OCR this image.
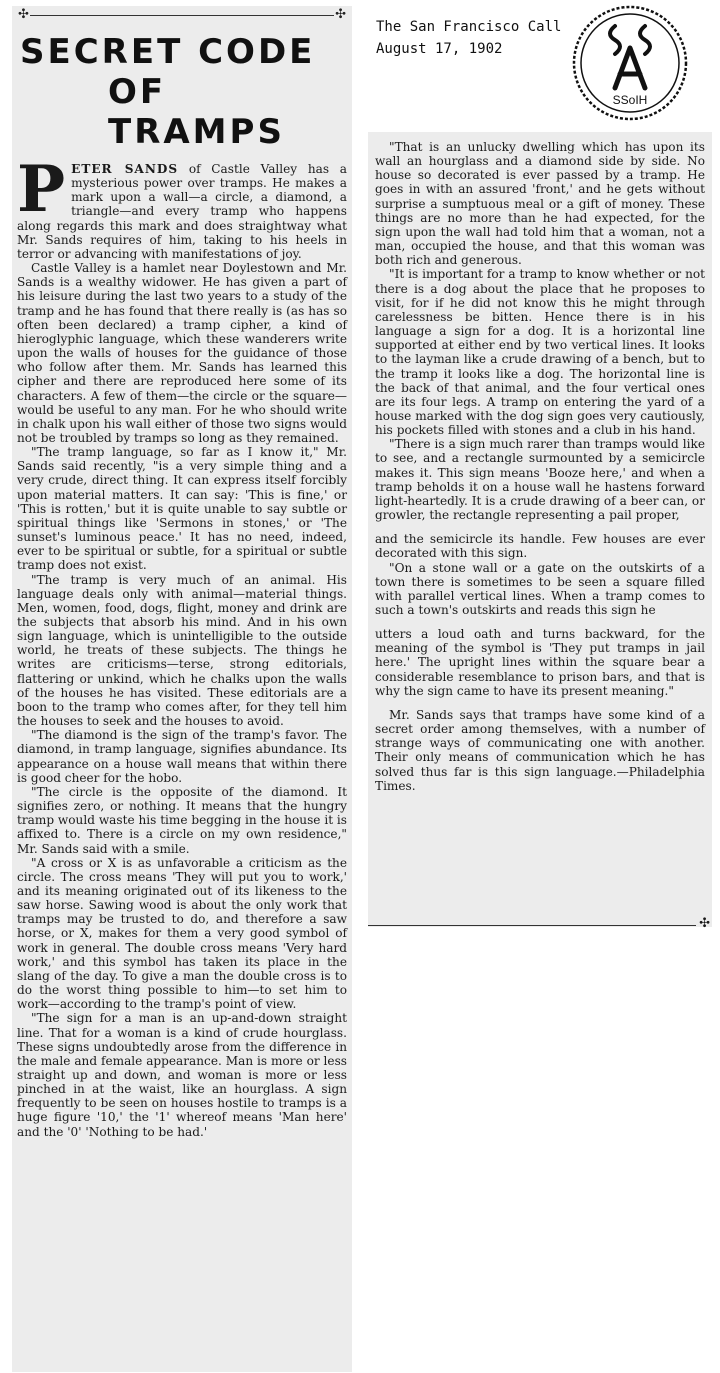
✣	✣
SECRET CODE
OF TRAMPS

PETER SANDS of Castle Valley has a mysterious power over tramps. He makes a mark upon a wall—a circle, a diamond, a triangle—and every tramp who happens along regards this mark and does straightway what Mr. Sands requires of him, taking to his heels in terror or advancing with manifestations of joy.

Castle Valley is a hamlet near Doylestown and Mr. Sands is a wealthy widower. He has given a part of his leisure during the last two years to a study of the tramp and he has found that there really is (as has so often been declared) a tramp cipher, a kind of hieroglyphic language, which these wanderers write upon the walls of houses for the guidance of those who follow after them. Mr. Sands has learned this cipher and there are reproduced here some of its characters. A few of them—the circle or the square—would be useful to any man. For he who should write in chalk upon his wall either of those two signs would not be troubled by tramps so long as they remained.

"The tramp language, so far as I know it," Mr. Sands said recently, "is a very simple thing and a very crude, direct thing. It can express itself forcibly upon material matters. It can say: 'This is fine,' or 'This is rotten,' but it is quite unable to say subtle or spiritual things like 'Sermons in stones,' or 'The sunset's luminous peace.' It has no need, indeed, ever to be spiritual or subtle, for a spiritual or subtle tramp does not exist.

"The tramp is very much of an animal. His language deals only with animal—material things. Men, women, food, dogs, flight, money and drink are the subjects that absorb his mind. And in his own sign language, which is unintelligible to the outside world, he treats of these subjects. The things he writes are criticisms—terse, strong editorials, flattering or unkind, which he chalks upon the walls of the houses he has visited. These editorials are a boon to the tramp who comes after, for they tell him the houses to seek and the houses to avoid.

"The diamond is the sign of the tramp's favor. The diamond, in tramp language, signifies abundance. Its appearance on a house wall means that within there is good cheer for the hobo.

"The circle is the opposite of the diamond. It signifies zero, or nothing. It means that the hungry tramp would waste his time begging in the house it is affixed to. There is a circle on my own residence," Mr. Sands said with a smile.

"A cross or X is as unfavorable a criticism as the circle. The cross means 'They will put you to work,' and its meaning originated out of its likeness to the saw horse. Sawing wood is about the only work that tramps may be trusted to do, and therefore a saw horse, or X, makes for them a very good symbol of work in general. The double cross means 'Very hard work,' and this symbol has taken its place in the slang of the day. To give a man the double cross is to do the worst thing possible to him—to set him to work—according to the tramp's point of view.

"The sign for a man is an up-and-down straight line. That for a woman is a kind of crude hourglass. These signs undoubtedly arose from the difference in the male and female appearance. Man is more or less straight up and down, and woman is more or less pinched in at the waist, like an hourglass. A sign frequently to be seen on houses hostile to tramps is a huge figure '10,' the '1' whereof means 'Man here' and the '0' 'Nothing to be had.'

The San Francisco Call
August 17, 1902
SSoIH

"That is an unlucky dwelling which has upon its wall an hourglass and a diamond side by side. No house so decorated is ever passed by a tramp. He goes in with an assured 'front,' and he gets without surprise a sumptuous meal or a gift of money. These things are no more than he had expected, for the sign upon the wall had told him that a woman, not a man, occupied the house, and that this woman was both rich and generous.

"It is important for a tramp to know whether or not there is a dog about the place that he proposes to visit, for if he did not know this he might through carelessness be bitten. Hence there is in his language a sign for a dog. It is a horizontal line supported at either end by two vertical lines. It looks to the layman like a crude drawing of a bench, but to the tramp it looks like a dog. The horizontal line is the back of that animal, and the four vertical ones are its four legs. A tramp on entering the yard of a house marked with the dog sign goes very cautiously, his pockets filled with stones and a club in his hand.

"There is a sign much rarer than tramps would like to see, and a rectangle surmounted by a semicircle makes it. This sign means 'Booze here,' and when a tramp beholds it on a house wall he hastens forward light-heartedly. It is a crude drawing of a beer can, or growler, the rectangle representing a pail proper,

and the semicircle its handle. Few houses are ever decorated with this sign.

"On a stone wall or a gate on the outskirts of a town there is sometimes to be seen a square filled with parallel vertical lines. When a tramp comes to such a town's outskirts and reads this sign he

utters a loud oath and turns backward, for the meaning of the symbol is 'They put tramps in jail here.' The upright lines within the square bear a considerable resemblance to prison bars, and that is why the sign came to have its present meaning."

Mr. Sands says that tramps have some kind of a secret order among themselves, with a number of strange ways of communicating one with another. Their only means of communication which he has solved thus far is this sign language.—Philadelphia Times.

✣
